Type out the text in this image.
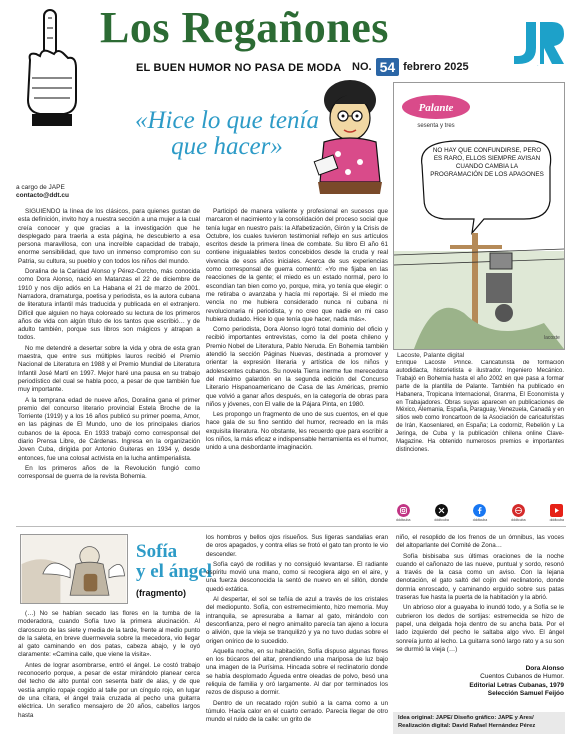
Los Regañones
EL BUEN HUMOR NO PASA DE MODA NO. 54 febrero 2025	JR
a cargo de JAPE
contacto@ddt.cu
«Hice lo que tenía que hacer»
Palante
sesenta y tres
NO HAY QUE CONFUNDIRSE, PERO ES RARO, ELLOS SIEMPRE AVISAN CUANDO CAMBIA LA PROGRAMACIÓN DE LOS APAGONES
lacoste
Lacoste, Palante digital

SIGUIENDO la línea de los clásicos, para quienes gustan de esta definición, invito hoy a nuestra sección a una mujer a la cual creía conocer y que gracias a la investigación que he desplegado para traerla a esta página, he descubierto a esa persona maravillosa, con una increíble capacidad de trabajo, enorme sensibilidad, que tuvo un inmenso compromiso con su Patria, su cultura, su pueblo y con todos los niños del mundo.

Doralina de la Caridad Alonso y Pérez-Corcho, más conocida como Dora Alonso, nació en Matanzas el 22 de diciembre de 1910 y nos dijo adiós en La Habana el 21 de marzo de 2001. Narradora, dramaturga, poetisa y periodista, es la autora cubana de literatura infantil más traducida y publicada en el extranjero. Difícil que alguien no haya coloreado su lectura de los primeros años de vida con algún título de los tantos que escribió… y de adulto también, porque sus libros son mágicos y atrapan a todos.

No me detendré a desertar sobre la vida y obra de esta gran maestra, que entre sus múltiples lauros recibió el Premio Nacional de Literatura en 1988 y el Premio Mundial de Literatura Infantil José Martí en 1997. Mejor haré una pausa en su trabajo periodístico del cual se habla poco, a pesar de que también fue muy importante.

A la temprana edad de nueve años, Doralina gana el primer premio del concurso literario provincial Estela Broche de la Torriente (1919) y a los 16 años publicó su primer poema, Amor, en las páginas de El Mundo, uno de los principales diarios cubanos de la época. En 1933 trabajó como corresponsal del diario Prensa Libre, de Cárdenas. Ingresa en la organización Joven Cuba, dirigida por Antonio Guiteras en 1934 y, desde entonces, fue una colosal activista en la lucha antiimperialista.

En los primeros años de la Revolución fungió como corresponsal de guerra de la revista Bohemia.

Participó de manera valiente y profesional en sucesos que marcaron el nacimiento y la consolidación del proceso social que tenía lugar en nuestro país: la Alfabetización, Girón y la Crisis de Octubre, los cuales tuvieron testimonial reflejo en sus artículos escritos desde la primera línea de combate. Su libro El año 61 contiene inigualables textos concebidos desde la cruda y real vivencia de esos años iniciales. Acerca de sus experiencias como corresponsal de guerra comentó: «Yo me fijaba en las reacciones de la gente; el miedo es un estado normal, pero lo escondían tan bien como yo, porque, mira, yo tenía que elegir: o me retiraba o avanzaba y hacía mi reportaje. Si el miedo me vencía no me hubiera considerado nunca ni cubana ni revolucionaria ni periodista, y no creo que nadie en mi caso hubiera dudado. Hice lo que tenía que hacer, nada más».

Como periodista, Dora Alonso logró total dominio del oficio y recibió importantes entrevistas, como la del poeta chileno y Premio Nobel de Literatura, Pablo Neruda. En Bohemia también atendió la sección Páginas Nuevas, destinada a promover y orientar la expresión literaria y artística de los niños y adolescentes cubanos. Su novela Tierra inerme fue merecedora del máximo galardón en la segunda edición del Concurso Literario Hispanoamericano de Casa de las Américas, premio que volvió a ganar años después, en la categoría de obras para niños y jóvenes, con El valle de la Pájara Pinta, en 1980.

Les propongo un fragmento de uno de sus cuentos, en el que hace gala de su fino sentido del humor, recreado en la más exquisita literatura. No obstante, les recuerdo que para escribir a los niños, la más eficaz e indispensable herramienta es el humor, unido a una desbordante imaginación.

Enrique Lacoste Prince. Caricaturista de formación autodidacta, historietista e ilustrador. Ingeniero Mecánico. Trabajó en Bohemia hasta el año 2002 en que pasa a formar parte de la plantilla de Palante. También ha publicado en Habanera, Tropicana Internacional, Granma, El Economista y en Trabajadores. Obras suyas aparecen en publicaciones de México, Alemania, España, Paraguay, Venezuela, Canadá y en sitios web como Ironcartoon de la Asociación de caricaturistas de Irán, Kaosenlared, en España; La codorniz, Rebelión y La Jeringa, de Cuba y la publicación chilena online Clave-Magazine. Ha obtenido numerosos premios e importantes distinciones.

dddtcuba	dddtcuba	dddtcuba	dddtcuba	dddtcuba
Sofía
y el ángel
(fragmento)

(…) No se habían secado las flores en la tumba de la moderadora, cuando Sofía tuvo la primera alucinación. Al claroscuro de las siete y media de la tarde, frente al medio punto de la saleta, en breve duermevela sobre la mecedora, vio llegar al gato caminando en dos patas, cabeza abajo, y le oyó claramente: «Camina calle, que viene la visita».

Antes de lograr asombrarse, entró el ángel. Le costó trabajo reconocerlo porque, a pesar de estar mirándolo planear cerca del techo de alto puntal con sesenta batir de alas, y de que vestía amplio ropaje cogido al talle por un cíngulo rojo, en lugar de una cítara, el ángel traía cruzada al pecho una guitarra eléctrica. Un serafico mensajero de 20 años, cabellos largos hasta

los hombros y bellos ojos risueños. Sus ligeras sandalias eran de oros apagados, y contra ellas se frotó el gato tan pronto le vio descender.

Sofía cayó de rodillas y no consiguió levantarse. El radiante espíritu movió una mano, como si recogiera algo en el aire, y una fuerza desconocida la sentó de nuevo en el sillón, donde quedó extática.

Al despertar, el sol se teñía de azul a través de los cristales del mediopunto. Sofía, con estremecimiento, hizo memoria. Muy intranquila, se apresuraba a llamar al gato, mirándolo con desconfianza, pero el negro animalito parecía tan ajeno a locura o alivión, que la vieja se tranquilizó y ya no tuvo dudas sobre el origen onírico de lo sucedido.

Aquella noche, en su habitación, Sofía dispuso algunas flores en los búcaros del altar, prendiendo una mariposa de luz bajo una imagen de la Purísima. Hincada sobre el reclinatorio donde se había desplomado Águeda entre oleadas de polvo, besó una reliquia de familia y oró largamente. Al dar por terminados los rezos de dispuso a dormir.

Dentro de un recatado rojón subió a la cama como a un túmulo. Hacía calor en el cuarto cerrado. Parecía llegar de otro mundo el ruido de la calle: un grito de

niño, el resoplido de los frenos de un ómnibus, las voces del altoparlante del Comité de Zona…

Sofía bisbisaba sus últimas oraciones de la noche cuando el cañonazo de las nueve, puntual y sordo, resonó a través de la casa como un aviso. Con la lejana denotación, el gato saltó del cojín del reclinatorio, donde dormía enroscado, y caminando erguido sobre sus patas traseras fue hasta la puerta de la habitación y la abrió.

Un abrioso olor a guayaba lo inundó todo, y a Sofía se le cubrieron los dedos de sortijas: estremecida se hizo de papel, una delgada hoja dentro de su ancha bata. Por el lado izquierdo del pecho le saltaba algo vivo. El ángel sonreía junto al lecho. La guitarra sonó largo rato y a su son se durmió la vieja (…)

Dora Alonso
Cuentos Cubanos de Humor.
Editorial Letras Cubanas, 1979
Selección Samuel Feijóo
Idea original: JAPE/ Diseño gráfico: JAPE y Ares/
Realización digital: David Rafael Hernández Pérez
